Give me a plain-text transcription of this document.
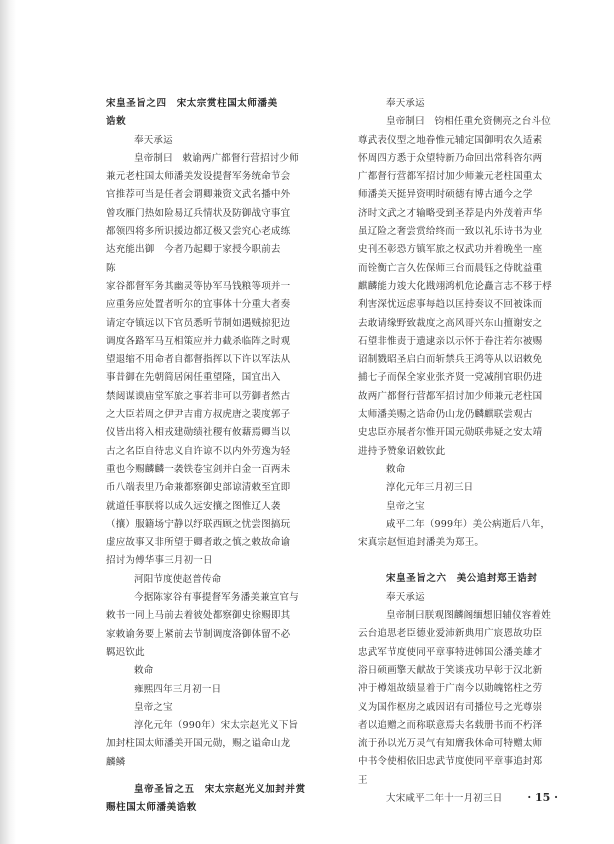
宋皇圣旨之四　宋太宗赏柱国太师潘美
诰敕
奉天承运
皇帝制曰　敕谕两广都督行营招讨少师
兼元老柱国太师潘美发设提督军务统命节会
官推荐可当是任者会谓卿兼资文武名播中外
曾攻雁门热如险易辽兵情状及防御战守事宜
都领四将多所识援边都辽极又尝究心老成练
达充能出御　今者乃起卿于家授今职前去
陈
家谷都督军务其幽灵等协军马钱粮等项并一
应重务应处置者听尔的宜事体十分重大者奏
请定夺镇远以下官员悉听节制如遇贼掠犯边
调度各路军马互相策应并力截杀临阵之时观
望退缩不用命者自都督指挥以下许以军法从
事昔御在先朝简居闲任重望隆，国宜出入
禁闼谋谟庙堂军旅之事若非可以劳御者然古
之大臣若周之伊尹吉甫方叔虎唐之裴度郭子
仪皆出将入相戎建勋绩社稷有攸藉焉卿当以
古之名臣自待忠义自许谅不以内外劳逸为轻
重也今赐麟麟一袭铁卷宝剑并白金一百两未
币八端表里乃命兼都察御史部谅清敕至宜即
就道任事朕将以成久远安攘之图惟辽人袭
（攘）服籍场宁静以纾联西顾之忧尝图搞玩
虚应故事又非所望于卿者敢之慎之敕故命谕
招讨为傅华事三月初一日
河阳节度使赵普传命
今据陈家谷有事提督军务潘美兼宣官与
敕书一同上马前去着彼处都察御史徐赐即其
家敕谕务要上紧前去节制调度洛御体留不必
羁迟钦此
敕命
雍熙四年三月初一日
皇帝之宝
淳化元年（990年）宋太宗赵光义下旨
加封柱国太师潘美开国元勋，赐之谥命山龙
麟鳞
皇帝圣旨之五　宋太宗赵光义加封并赏
赐柱国太师潘美诰敕
奉天承运
皇帝制曰　钧相任重允资侧亮之台斗位
尊武表仪型之地眷惟元辅定国御明农久适素
怀周四方悉于众望特新乃命回出常科咨尔两
广都督行营都军招讨加少师兼元老柱国重太
师潘美天挺异资明时硕德有博古通今之学
济时文武之才输略受到圣荐是内外茂着声华
虽辽险之奢尝赏给终而一致以礼乐诗书为业
史刊丕彰恐方镇军旅之权武功并着晚坐一座
而铨衡亡言久佐保师三台而晨钰之侍眈益重
麒麟能力竣大化戡翊鸿机危论矗言志不移于桴
利害深忧远虑事每趋以匡持奏议不回被诛而
去敢请缘野致裁度之高风哥兴东山擅谢安之
石望非惟责于遗逮亲以示怀于眷注若尔被赐
诏制戮昭圣启白而斩禁兵王鸿等从以诏敕免
捕七子而保全家业张齐贤一党减削官职仍进
故两广都督行营都军招讨加少师兼元老柱国
太师潘美赐之诰命仍山龙仍麟麒联尝观古
史忠臣亦展者尔惟开国元勋联弗疑之安太靖
进持予赞象诏敕钦此
敕命
淳化元年三月初三日
皇帝之宝
咸平二年（999年）美公病逝后八年，
宋真宗赵恒追封潘美为郑王。
宋皇圣旨之六　美公追封郑王诰封
奉天承运
皇帝制曰朕观图麟阁缅想旧辅仪容着姓
云台追思老臣德业爱沛新典用广宸恩故功臣
忠武军节度使同平章事特进韩国公潘美雄才
浴日硕画擎天献故于笑谈戎功早彰于汉北新
冲于樽俎故绩显着于广南今以勋魄铭柱之劳
义为国作枢房之戚因诏有司播位号之光尊崇
者以追赠之而称联意焉夫名载册书而不朽泽
流于孙以光万灵气有知膺我休命可特赠太师
中书令使相依旧忠武节度使同平章事追封郑
王
大宋咸平二年十一月初三日	· 15 ·
